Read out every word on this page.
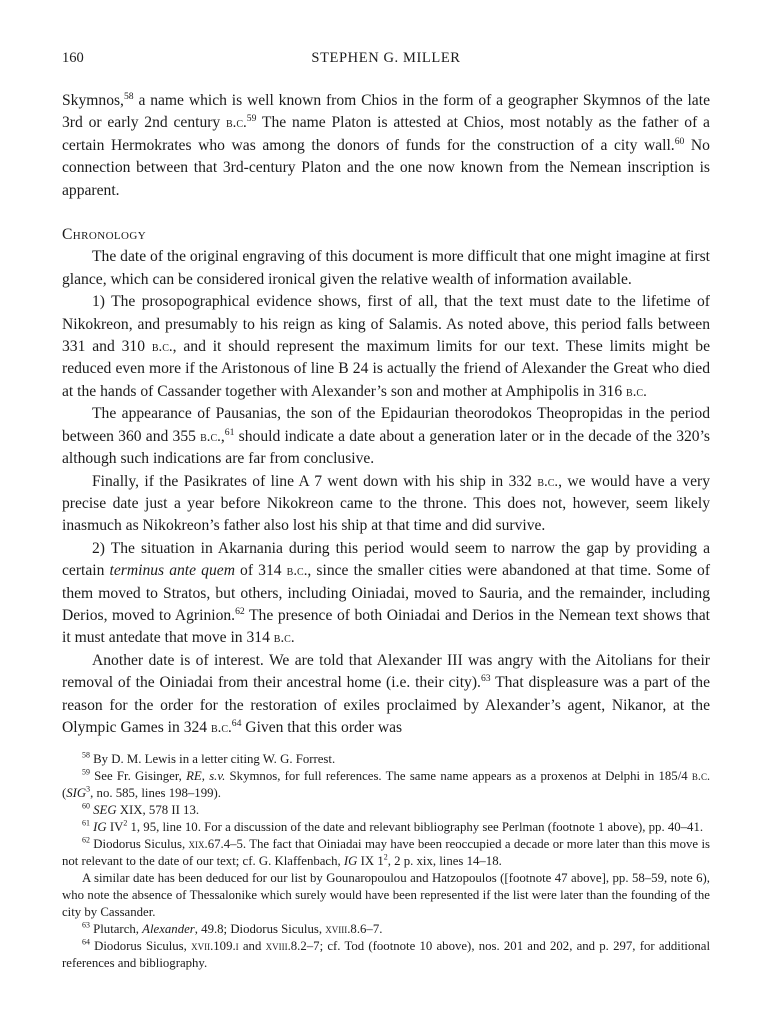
160	STEPHEN G. MILLER

Skymnos,$^{58}$ a name which is well known from Chios in the form of a geographer Skymnos of the late 3rd or early 2nd century b.c.$^{59}$ The name Platon is attested at Chios, most notably as the father of a certain Hermokrates who was among the donors of funds for the construction of a city wall.$^{60}$ No connection between that 3rd-century Platon and the one now known from the Nemean inscription is apparent.

Chronology

The date of the original engraving of this document is more difficult that one might imagine at first glance, which can be considered ironical given the relative wealth of information available.

1) The prosopographical evidence shows, first of all, that the text must date to the lifetime of Nikokreon, and presumably to his reign as king of Salamis. As noted above, this period falls between 331 and 310 b.c., and it should represent the maximum limits for our text. These limits might be reduced even more if the Aristonous of line B 24 is actually the friend of Alexander the Great who died at the hands of Cassander together with Alexander’s son and mother at Amphipolis in 316 b.c.

The appearance of Pausanias, the son of the Epidaurian theorodokos Theopropidas in the period between 360 and 355 b.c.,$^{61}$ should indicate a date about a generation later or in the decade of the 320’s although such indications are far from conclusive.

Finally, if the Pasikrates of line A 7 went down with his ship in 332 b.c., we would have a very precise date just a year before Nikokreon came to the throne. This does not, however, seem likely inasmuch as Nikokreon’s father also lost his ship at that time and did survive.

2) The situation in Akarnania during this period would seem to narrow the gap by providing a certain terminus ante quem of 314 b.c., since the smaller cities were abandoned at that time. Some of them moved to Stratos, but others, including Oiniadai, moved to Sauria, and the remainder, including Derios, moved to Agrinion.$^{62}$ The presence of both Oiniadai and Derios in the Nemean text shows that it must antedate that move in 314 b.c.

Another date is of interest. We are told that Alexander III was angry with the Aitolians for their removal of the Oiniadai from their ancestral home (i.e. their city).$^{63}$ That displeasure was a part of the reason for the order for the restoration of exiles proclaimed by Alexander’s agent, Nikanor, at the Olympic Games in 324 b.c.$^{64}$ Given that this order was

$^{58}$ By D. M. Lewis in a letter citing W. G. Forrest.

$^{59}$ See Fr. Gisinger, RE, s.v. Skymnos, for full references. The same name appears as a proxenos at Delphi in 185/4 b.c. (SIG$^3$, no. 585, lines 198–199).

$^{60}$ SEG XIX, 578 II 13.

$^{61}$ IG $IV^2$ 1, 95, line 10. For a discussion of the date and relevant bibliography see Perlman (footnote 1 above), pp. 40–41.

$^{62}$ Diodorus Siculus, xix.67.4–5. The fact that Oiniadai may have been reoccupied a decade or more later than this move is not relevant to the date of our text; cf. G. Klaffenbach, IG IX $1^2$, 2 p. xix, lines 14–18.

A similar date has been deduced for our list by Gounaropoulou and Hatzopoulos ([footnote 47 above], pp. 58–59, note 6), who note the absence of Thessalonike which surely would have been represented if the list were later than the founding of the city by Cassander.

$^{63}$ Plutarch, Alexander, 49.8; Diodorus Siculus, xviii.8.6–7.

$^{64}$ Diodorus Siculus, xvii.109.i and xviii.8.2–7; cf. Tod (footnote 10 above), nos. 201 and 202, and p. 297, for additional references and bibliography.
